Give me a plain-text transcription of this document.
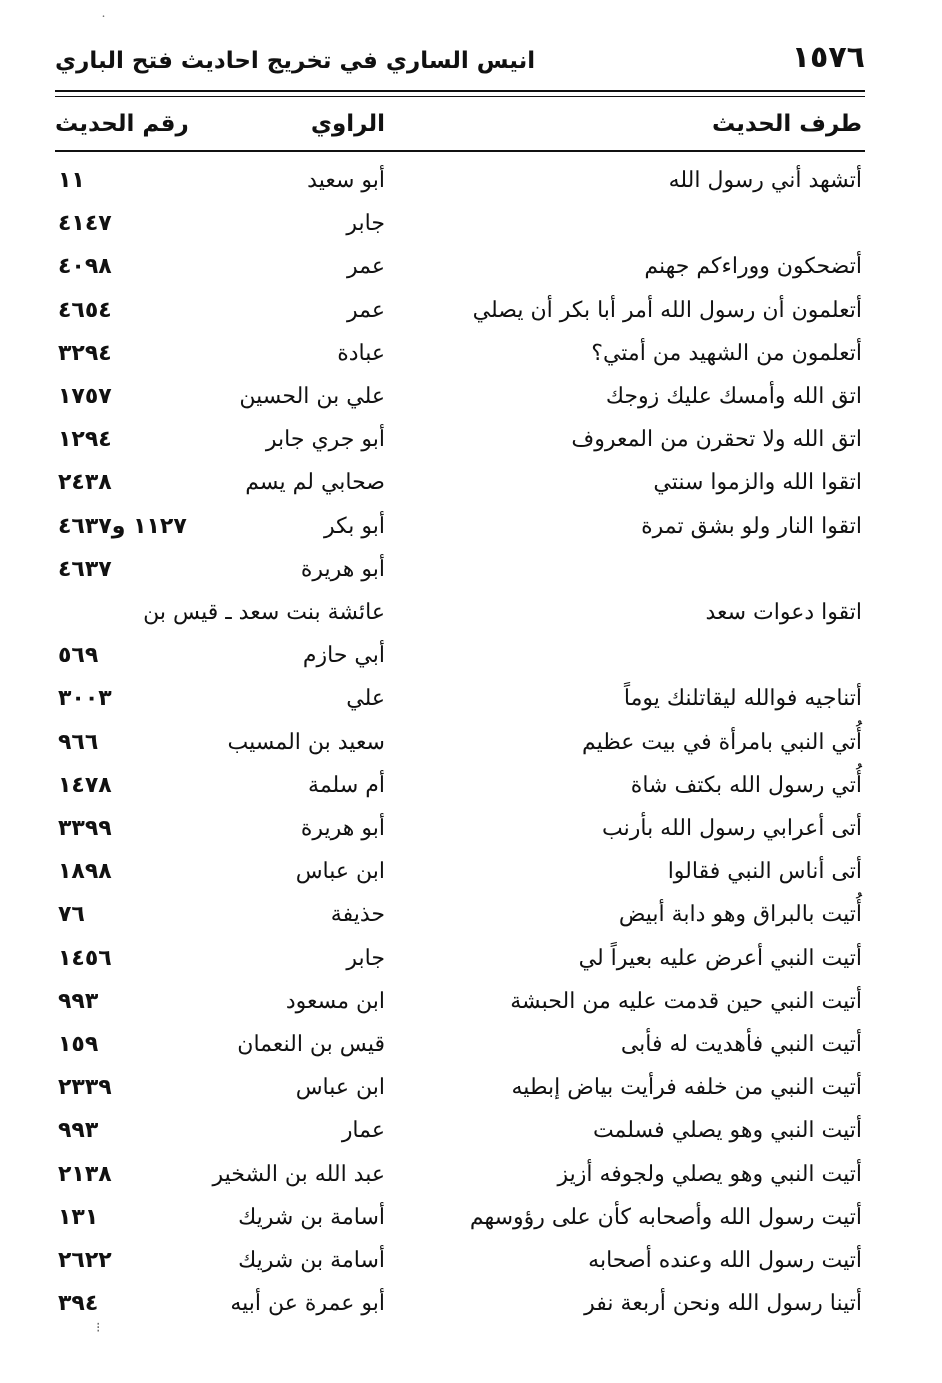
١٥٧٦
انيس الساري في تخريج احاديث فتح الباري
طرف الحديث
الراوي
رقم الحديث
أتشهد أني رسول الله
أبو سعيد
١١
جابر
٤١٤٧
أتضحكون ووراءكم جهنم
عمر
٤٠٩٨
أتعلمون أن رسول الله أمر أبا بكر أن يصلي
عمر
٤٦٥٤
أتعلمون من الشهيد من أمتي؟
عبادة
٣٢٩٤
اتق الله وأمسك عليك زوجك
علي بن الحسين
١٧٥٧
اتق الله ولا تحقرن من المعروف
أبو جري جابر
١٢٩٤
اتقوا الله والزموا سنتي
صحابي لم يسم
٢٤٣٨
اتقوا النار ولو بشق تمرة
أبو بكر
١١٢٧ و٤٦٣٧
أبو هريرة
٤٦٣٧
اتقوا دعوات سعد
عائشة بنت سعد ـ قيس بن
أبي حازم
٥٦٩
أتناجيه فوالله ليقاتلنك يوماً
علي
٣٠٠٣
أُتي النبي بامرأة في بيت عظيم
سعيد بن المسيب
٩٦٦
أُتي رسول الله بكتف شاة
أم سلمة
١٤٧٨
أتى أعرابي رسول الله بأرنب
أبو هريرة
٣٣٩٩
أتى أناس النبي فقالوا
ابن عباس
١٨٩٨
أُتيت بالبراق وهو دابة أبيض
حذيفة
٧٦
أتيت النبي أعرض عليه بعيراً لي
جابر
١٤٥٦
أتيت النبي حين قدمت عليه من الحبشة
ابن مسعود
٩٩٣
أتيت النبي فأهديت له فأبى
قيس بن النعمان
١٥٩
أتيت النبي من خلفه فرأيت بياض إبطيه
ابن عباس
٢٣٣٩
أتيت النبي وهو يصلي فسلمت
عمار
٩٩٣
أتيت النبي وهو يصلي ولجوفه أزيز
عبد الله بن الشخير
٢١٣٨
أتيت رسول الله وأصحابه كأن على رؤوسهم
أسامة بن شريك
١٣١
أتيت رسول الله وعنده أصحابه
أسامة بن شريك
٢٦٢٢
أتينا رسول الله ونحن أربعة نفر
أبو عمرة عن أبيه
٣٩٤
˙
⁝
